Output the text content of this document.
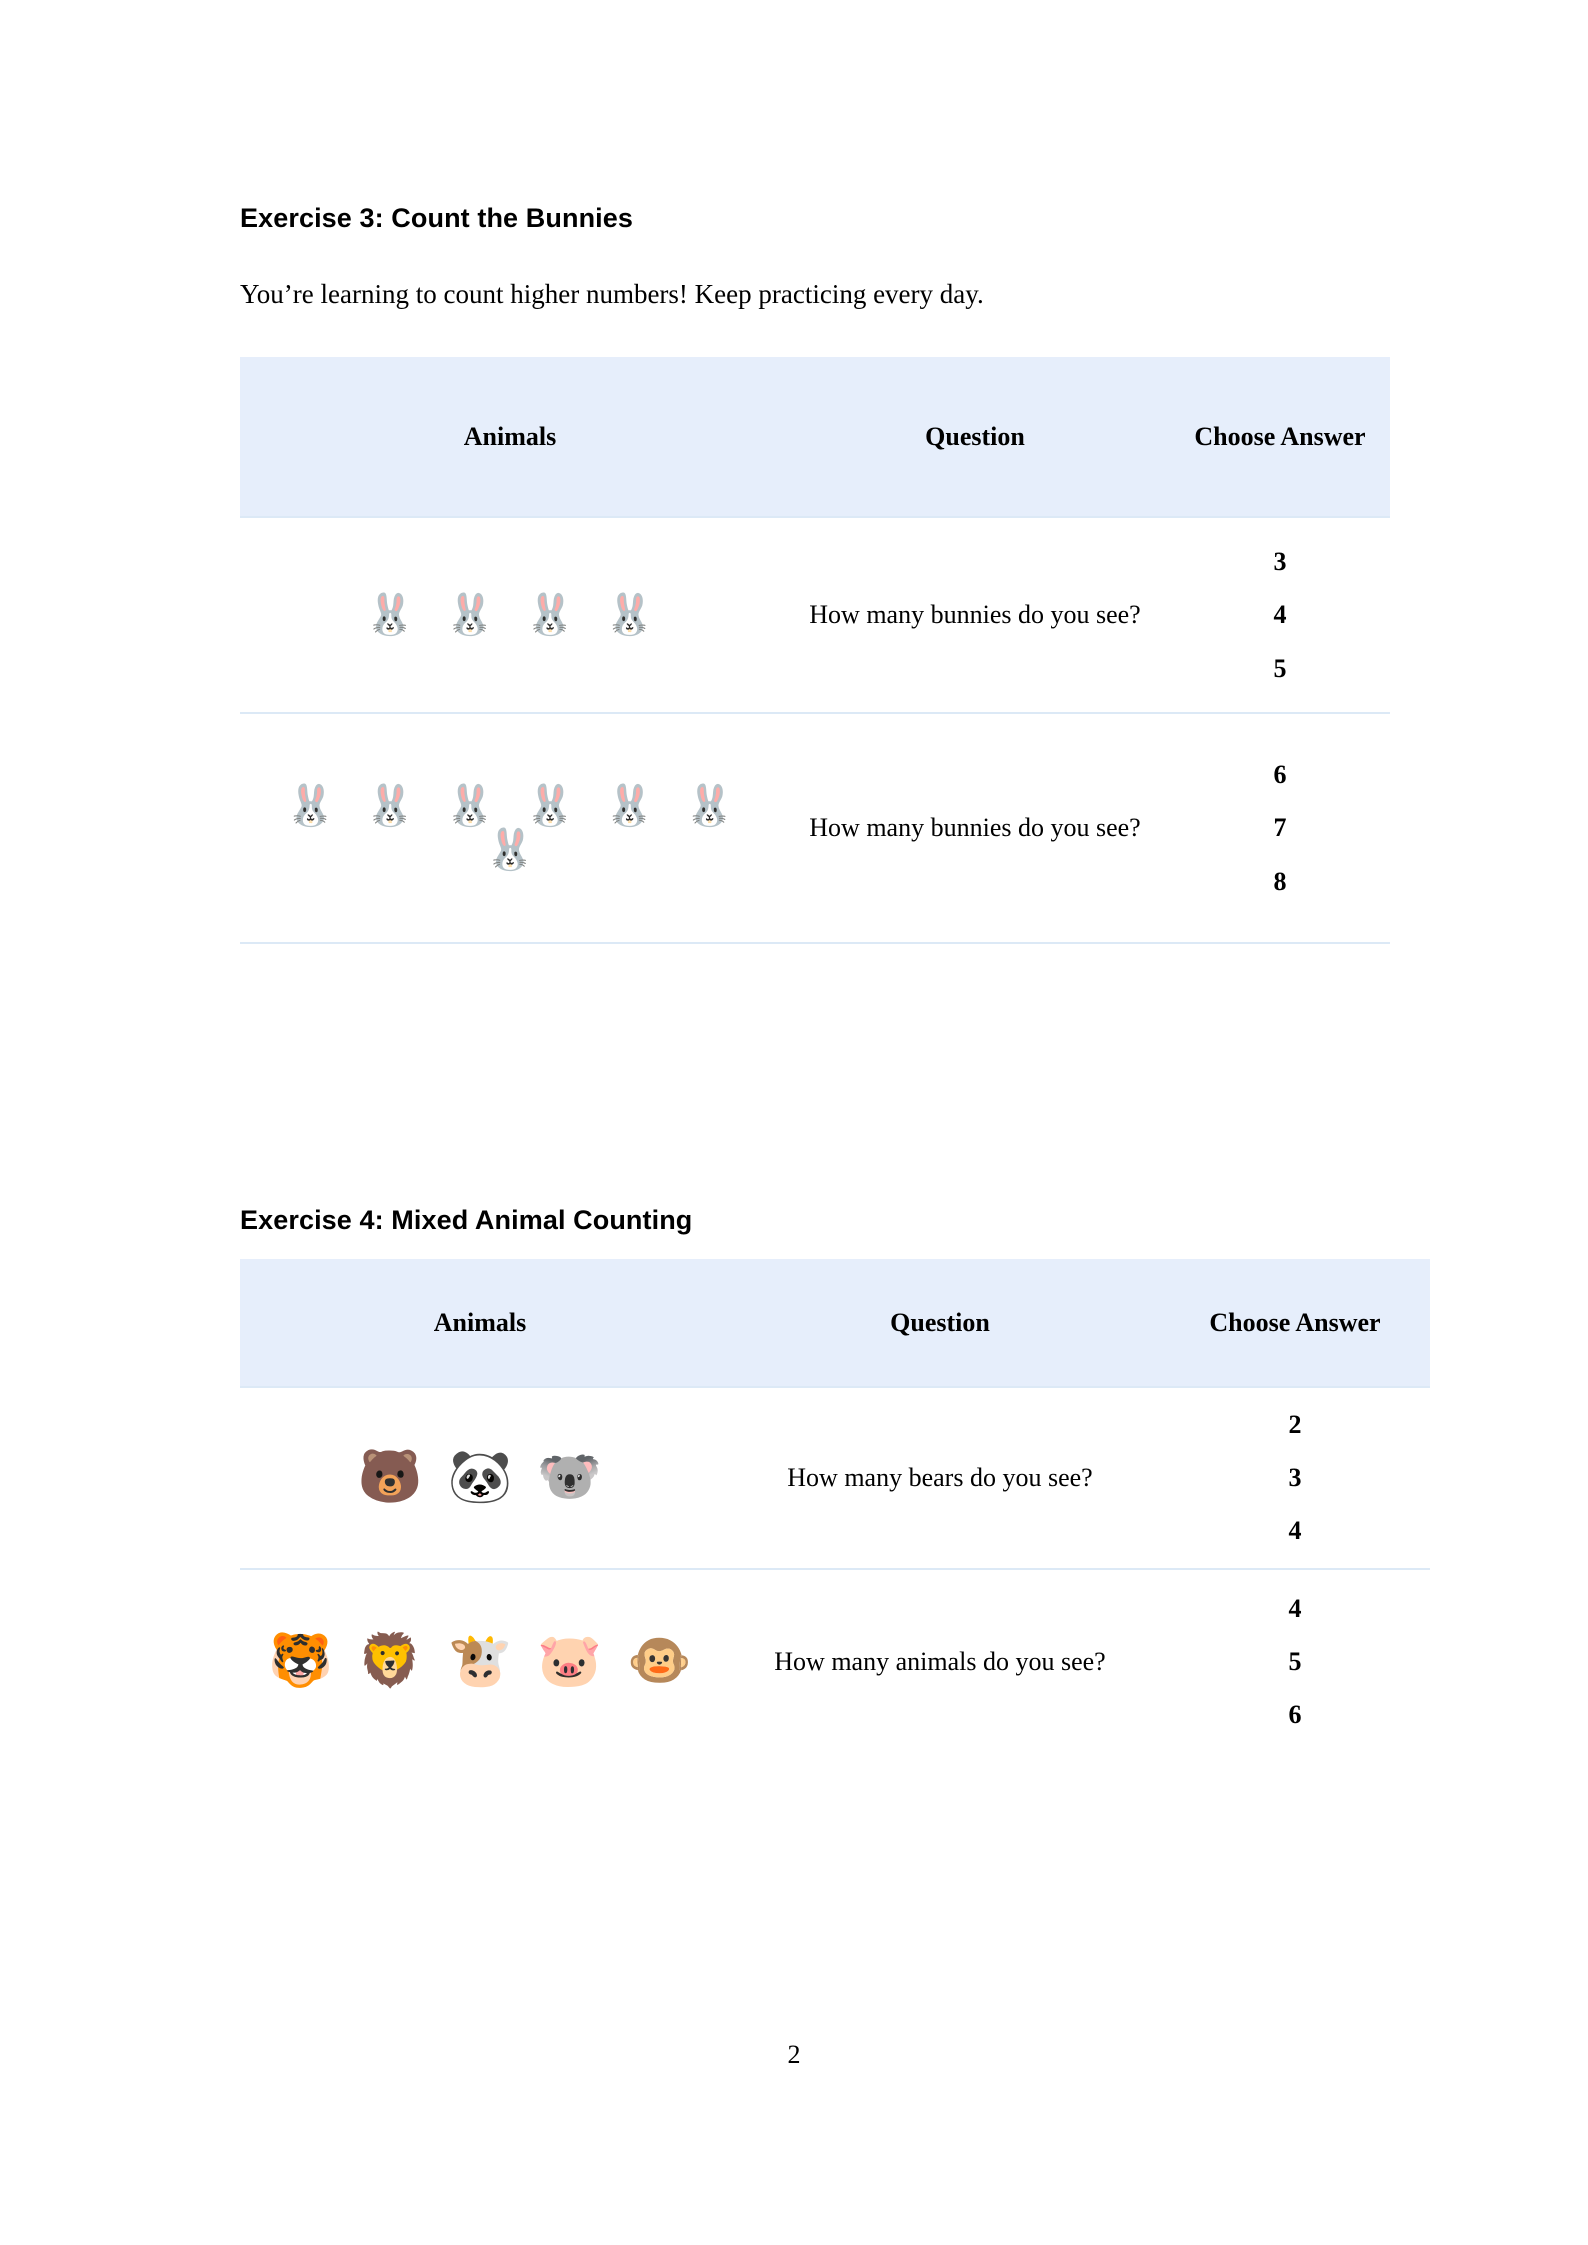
Exercise 3: Count the Bunnies

You’re learning to count higher numbers! Keep practicing every day.

Animals	Question	Choose Answer

🐰 🐰 🐰 🐰	How many bunnies do you see?	3
4
5

🐰 🐰 🐰 🐰 🐰 🐰 🐰	How many bunnies do you see?	6
7
8
Exercise 4: Mixed Animal Counting
Animals	Question	Choose Answer

🐻 🐼 🐨	How many bears do you see?	2
3
4

🐯 🦁 🐮 🐷 🐵	How many animals do you see?	4
5
6
2
